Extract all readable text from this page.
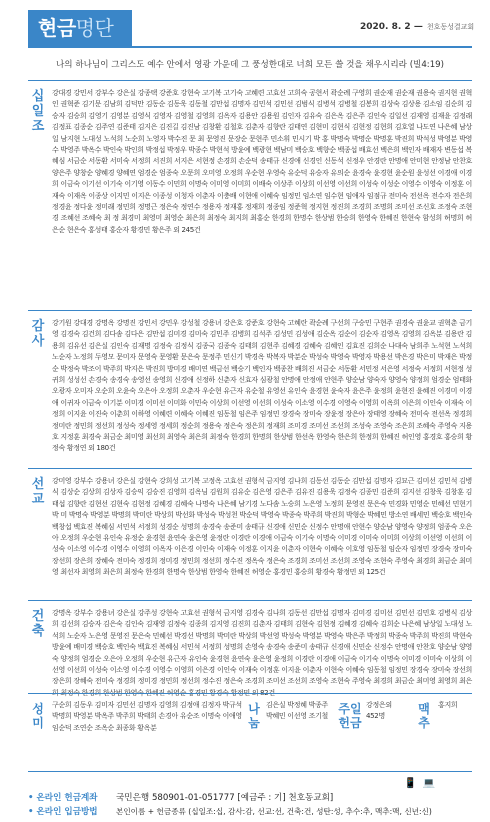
현금명단	2020. 8. 2 — 천호동성결교회
나의 하나님이 그리스도 예수 안에서 영광 가운데 그 풍성한대로 너희 모든 쓸 것을 채우시리라 (빌4:19)
십일조
강대경 강민서 강부수 강은실 강종택 강준호 강현숙 고기복 고기숙 고혜련 고효선 고희숙 공현서 곽순례 구영희 권순재 권순재 권용숙 권지현 권혁인 권혁준 김기문 김남희 김덕만 김동순 김동욱 김동철 김만섭 김명자 김민석 김민선 김범식 김병석 김병철 김봉희 김상숙 김상용 김소임 김순희 김승자 김승희 김영기 김영분 김영식 김영자 김영철 김영희 김옥자 김용안 김용원 김인자 김유숙 김은옥 김은주 김인숙 김일선 김재영 김재윤 김정래 김정표 김종순 김주연 김준태 김지은 김진길 김진남 김창환 김철호 김춘자 김향란 김태연 김현미 김현식 김현정 김현희 김호열 나도연 나은혜 남상일 남지현 노대성 노석희 노순희 노영자 박수진 문 최 문영진 문장순 문현주 민소휘 민시기 박 홍 박명숙 박명순 박명훈 박진희 박석성 박영분 박영수 박영주 박옥수 박인숙 박인희 박정섭 박정우 박종수 박현석 방윤예 백광현 백남미 백승호 백향순 백종섭 배효선 백은희 백인자 배재자 변동섭 복혜심 서금순 서동환 서미숙 서정희 서진희 서지은 서현정 손경희 손순덕 송태규 신경애 신경인 신동석 신정우 안경란 안명애 안미현 안정남 안찬호 양은주 양창순 양혜경 양혜연 엄경순 엄종숙 오문희 오미영 오정희 우순현 우영숙 유순덕 유승자 유의순 윤경숙 윤경현 윤순원 윤성선 이경애 이경희 이금숙 이기선 이기숙 이기영 이동수 이민희 이명숙 이미영 이미희 이배숙 이상주 이상희 이선영 이선희 이성숙 이성순 이영수 이영숙 이정훈 이재숙 이재옥 이종상 이지민 이지은 이종성 이청자 이춘자 이충배 이현애 이혜숙 임정민 임소연 임수현 임애자 임점규 전미숙 전선옥 전수자 전은희 정경윤 정다윤 정미래 정민희 정명근 정은숙 정연수 정용자 정재홍 정재희 정종임 정준혁 정지현 정진희 조경희 조명희 조미선 조신호 조정숙 조현경 조혜선 조혜숙 최 정 최경미 최영미 최영순 최은희 최정숙 최지희 최홍순 한경희 한명수 한상범 한승희 한영숙 한혜진 한현숙 함성희 허명희 허은순 현은숙 홍성태 홍순자 황경민 황은주 외 245건
감사
강기원 강대경 강명옥 강명진 강민서 강민우 강성철 강용녀 강은호 강준호 강현숙 고혜란 곽순례 구선희 구승민 구현주 권경숙 권윤교 권혁춘 금기영 김경숙 김건희 김다솜 김다은 김만섭 김미경 김미숙 김민주 김병희 김석주 김성민 김성애 김순옥 김순이 김순자 김영옥 김영희 김옥분 김용란 김용희 김유선 김은실 김인숙 김재명 김정숙 김정식 김종국 김종숙 김태희 김현주 김혜경 김혜숙 김혜인 김효진 김희순 나대숙 남희주 노석현 노석희 노순자 노정희 두영모 문미자 문영숙 문영환 문은숙 문정주 민신기 박경옥 박복자 박분순 박성숙 박영숙 박영자 박용선 박은경 박은미 박재은 박정순 박정숙 박조이 박주희 박지은 박진희 방미경 배미연 백금선 백승기 백인자 백종찬 배희진 서금순 서동환 서민정 서은영 서정숙 서정희 서현정 성귀희 성성선 손경숙 송경숙 송영선 송영희 신경애 신정하 신춘자 신효자 심광철 안명애 안정애 안현주 양순남 양숙자 양영숙 양정희 엄경순 엄태화 오광자 오미자 오순희 오윤숙 오은아 오정희 오춘자 우순현 유근자 유순철 유영선 유인숙 윤경현 윤숙자 윤은주 윤정희 윤현진 윤혜진 이경미 이경애 이귀자 이금숙 이기분 이미경 이미선 이미화 이민숙 이상희 이선영 이선희 이성숙 이소영 이수경 이영숙 이영희 이옥희 이은희 이인숙 이재숙 이정희 이지윤 이진숙 이춘희 이하영 이혜련 이혜숙 이혜진 임동철 임은주 임정민 장경숙 장미숙 장윤정 장은아 장태영 장혜숙 전미숙 전선옥 정경희 정미란 정민희 정선희 정성숙 정세영 정세희 정순희 정용숙 정은숙 정은희 정재희 조미경 조미선 조선희 조성숙 조영숙 조은희 조혜숙 주영숙 지용호 지정훈 최경숙 최금순 최미영 최선희 최영숙 최은희 최정숙 한경희 한명희 한상범 한선옥 한영숙 한은희 한정희 한혜진 허인영 홍경호 홍승희 황정숙 황정연 외 180건
선교
강미영 강부수 강용녀 강은실 강현숙 강희성 고기복 고정옥 고효선 권형석 금지영 김나희 김동선 김동순 김만섭 김명자 김묘근 김미선 김민석 김병식 김상순 김상희 김상자 김승익 김승진 김영희 김옥님 김원희 김유순 김은영 김은주 김유진 김용욱 김정숙 김종민 김준희 김지선 김창욱 김창훈 김태섭 김향란 김현선 김현숙 김현정 김혜경 김혜숙 나명숙 나은혜 남기경 노다솜 노승희 노은영 노정희 문영진 문은숙 민경화 민영순 민혜선 민현기 박 미 박명숙 박영분 박명희 박미란 박상희 박선화 박성숙 박성천 박순덕 박영숙 박종숙 박주희 박진희 박형순 박혜민 방소연 배세민 백승호 백인숙 백창섭 백효진 복혜심 서민석 서정희 성경순 성명희 송경숙 송준미 송태규 신경애 신민순 신정수 안명애 안현수 양순남 양영숙 양정희 엄종숙 오은아 오정희 우순현 유인숙 유정순 윤경현 윤연숙 윤은영 윤정란 이경란 이경애 이금숙 이기숙 이명숙 이미경 이미숙 이미희 이상희 이선영 이선희 이성숙 이소영 이수경 이영수 이영희 이옥자 이은경 이인숙 이재숙 이정훈 이지윤 이춘자 이현숙 이혜숙 이호영 임동철 임순자 임정민 장경숙 장미숙 장선희 장은희 장혜숙 전미숙 정경희 정미경 정민희 정선희 정수진 정옥숙 정은숙 조경희 조미선 조선희 조영숙 조현숙 주영숙 최경희 최금순 최미영 최선자 최영희 최은희 최정숙 한경희 한명숙 한상범 한영숙 한혜진 허영순 홍경민 홍승희 황경숙 황정민 외 125건
건축
강명옥 강부수 강용녀 강은실 강주성 강현숙 고효선 권형석 금지영 김경숙 김나희 김동선 김만섭 김명자 김미경 김미선 김민선 김민호 김병식 김상희 김선희 김승자 김은숙 김인숙 김재영 김정숙 김종희 김지영 김진희 김춘자 김태희 김현숙 김현정 김혜경 김혜숙 김희순 나은혜 남상일 노대성 노석희 노순자 노은영 문영진 문은숙 민혜선 박경선 박명희 박미란 박상희 박선영 박성숙 박영분 박영숙 박은주 박정희 박종숙 박주희 박진희 박현숙 방윤예 배미경 백승호 백인숙 백효진 복혜심 서민석 서정희 성명희 손영숙 송경숙 송준미 송태규 신경애 신민순 신정수 안명애 안찬호 양순남 양영숙 양정희 엄경순 오은아 오정희 우순현 유근자 유인숙 윤경현 윤연숙 윤은영 윤정희 이경란 이경애 이금숙 이기숙 이명숙 이미경 이미숙 이상희 이선영 이선희 이성숙 이소영 이수경 이영수 이영희 이은경 이인숙 이재숙 이정훈 이지윤 이춘자 이현숙 이혜숙 임동철 임정민 장경숙 장미숙 장선희 장은희 장혜숙 전미숙 정경희 정미경 정민희 정선희 정수진 정은숙 조경희 조미선 조선희 조영숙 조현숙 주영숙 최경희 최금순 최미영 최영희 최은희 최정숙 한경희 한상범 한영숙 한혜진 허영순 홍경민 황경숙 황정민 외 82건
성미
구순희 김동우 김미자 김민선 김명자 김영희 김정애 김정자 박규석 박명희 박영분 박옥주 박주희 박태희 손경아 유순조 이명숙 이애영 임순덕 조연순 조옥순 최종화 황옥분
나눔
김은실 박정혜 박종주 박혜민 이선영 조기철
주일헌금
강정은외 452명
맥추
홍지희
📱💻
• 온라인 헌금계좌 국민은행 580901-01-051777 [예금주 : 기] 천호동교회]
• 온라인 입금방법 본인이름 + 헌금종류 (십일조:십, 감사:감, 선교:선, 건축:건, 성탄:성, 추수:추, 맥추:맥, 신년:신)
